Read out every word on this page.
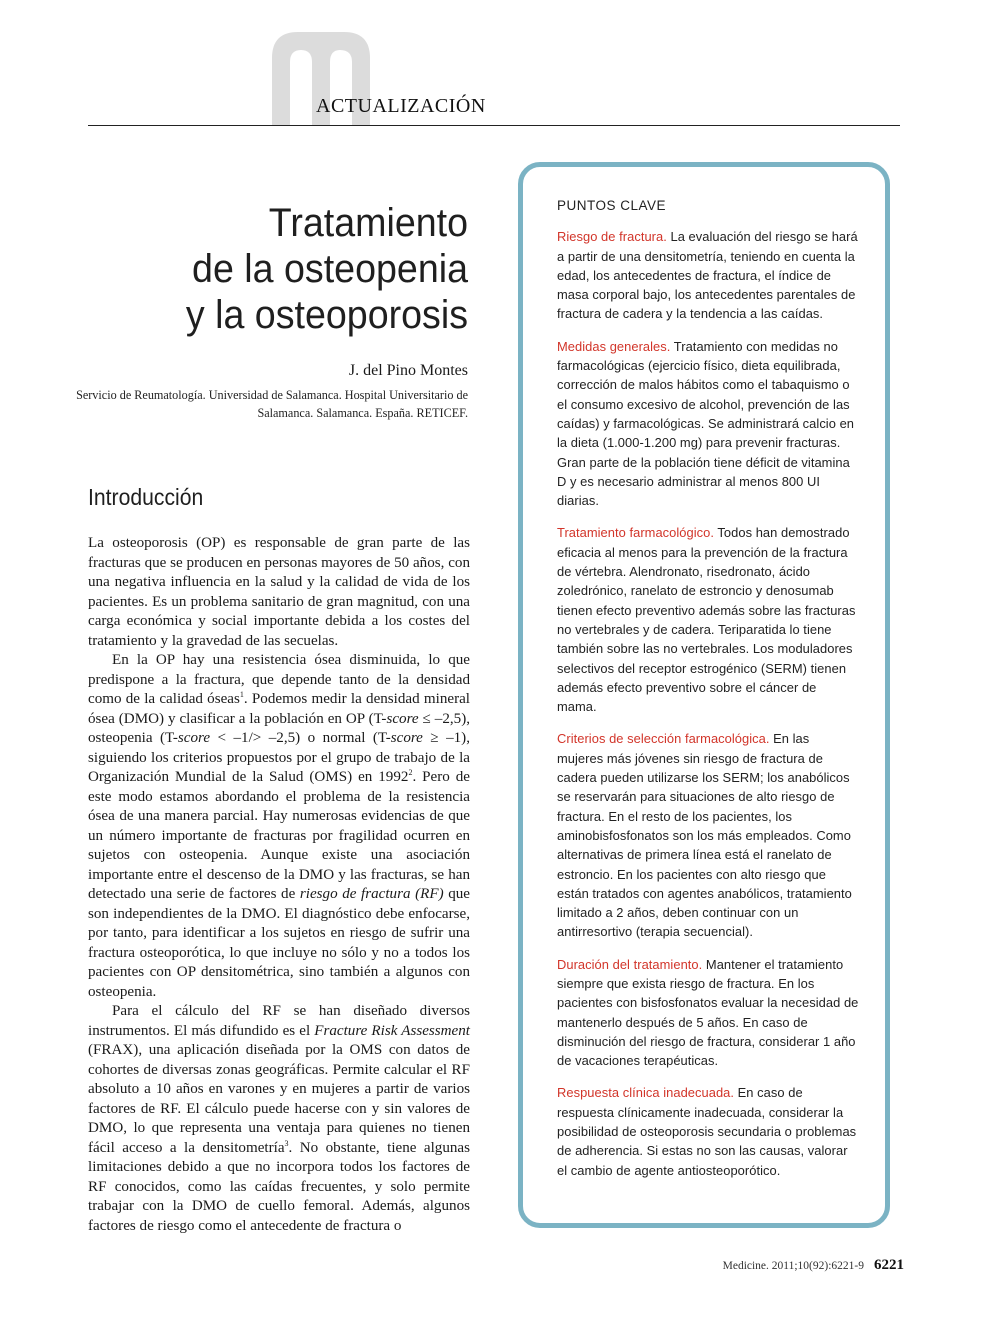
ACTUALIZACIÓN
Tratamiento
de la osteopenia
y la osteoporosis
J. del Pino Montes
Servicio de Reumatología. Universidad de Salamanca. Hospital Universitario de
Salamanca. Salamanca. España. RETICEF.
Introducción

La osteoporosis (OP) es responsable de gran parte de las fracturas que se producen en personas mayores de 50 años, con una negativa influencia en la salud y la calidad de vida de los pacientes. Es un problema sanitario de gran magnitud, con una carga económica y social importante debida a los costes del tratamiento y la gravedad de las secuelas.

En la OP hay una resistencia ósea disminuida, lo que predispone a la fractura, que depende tanto de la densidad como de la calidad óseas$^1$. Podemos medir la densidad mineral ósea (DMO) y clasificar a la población en OP (T-score ≤ –2,5), osteopenia (T-score < –1/> –2,5) o normal (T-score ≥ –1), siguiendo los criterios propuestos por el grupo de trabajo de la Organización Mundial de la Salud (OMS) en 1992$^2$. Pero de este modo estamos abordando el problema de la resistencia ósea de una manera parcial. Hay numerosas evidencias de que un número importante de fracturas por fragilidad ocurren en sujetos con osteopenia. Aunque existe una asociación importante entre el descenso de la DMO y las fracturas, se han detectado una serie de factores de riesgo de fractura (RF) que son independientes de la DMO. El diagnóstico debe enfocarse, por tanto, para identificar a los sujetos en riesgo de sufrir una fractura osteoporótica, lo que incluye no sólo y no a todos los pacientes con OP densitométrica, sino también a algunos con osteopenia.

Para el cálculo del RF se han diseñado diversos instrumentos. El más difundido es el Fracture Risk Assessment (FRAX), una aplicación diseñada por la OMS con datos de cohortes de diversas zonas geográficas. Permite calcular el RF absoluto a 10 años en varones y en mujeres a partir de varios factores de RF. El cálculo puede hacerse con y sin valores de DMO, lo que representa una ventaja para quienes no tienen fácil acceso a la densitometría$^3$. No obstante, tiene algunas limitaciones debido a que no incorpora todos los factores de RF conocidos, como las caídas frecuentes, y solo permite trabajar con la DMO de cuello femoral. Además, algunos factores de riesgo como el antecedente de fractura o

PUNTOS CLAVE

Riesgo de fractura. La evaluación del riesgo se hará a partir de una densitometría, teniendo en cuenta la edad, los antecedentes de fractura, el índice de masa corporal bajo, los antecedentes parentales de fractura de cadera y la tendencia a las caídas.

Medidas generales. Tratamiento con medidas no farmacológicas (ejercicio físico, dieta equilibrada, corrección de malos hábitos como el tabaquismo o el consumo excesivo de alcohol, prevención de las caídas) y farmacológicas. Se administrará calcio en la dieta (1.000-1.200 mg) para prevenir fracturas. Gran parte de la población tiene déficit de vitamina D y es necesario administrar al menos 800 UI diarias.

Tratamiento farmacológico. Todos han demostrado eficacia al menos para la prevención de la fractura de vértebra. Alendronato, risedronato, ácido zoledrónico, ranelato de estroncio y denosumab tienen efecto preventivo además sobre las fracturas no vertebrales y de cadera. Teriparatida lo tiene también sobre las no vertebrales. Los moduladores selectivos del receptor estrogénico (SERM) tienen además efecto preventivo sobre el cáncer de mama.

Criterios de selección farmacológica. En las mujeres más jóvenes sin riesgo de fractura de cadera pueden utilizarse los SERM; los anabólicos se reservarán para situaciones de alto riesgo de fractura. En el resto de los pacientes, los aminobisfosfonatos son los más empleados. Como alternativas de primera línea está el ranelato de estroncio. En los pacientes con alto riesgo que están tratados con agentes anabólicos, tratamiento limitado a 2 años, deben continuar con un antirresortivo (terapia secuencial).

Duración del tratamiento. Mantener el tratamiento siempre que exista riesgo de fractura. En los pacientes con bisfosfonatos evaluar la necesidad de mantenerlo después de 5 años. En caso de disminución del riesgo de fractura, considerar 1 año de vacaciones terapéuticas.

Respuesta clínica inadecuada. En caso de respuesta clínicamente inadecuada, considerar la posibilidad de osteoporosis secundaria o problemas de adherencia. Si estas no son las causas, valorar el cambio de agente antiosteoporótico.

Medicine. 2011;10(92):6221-9 6221
